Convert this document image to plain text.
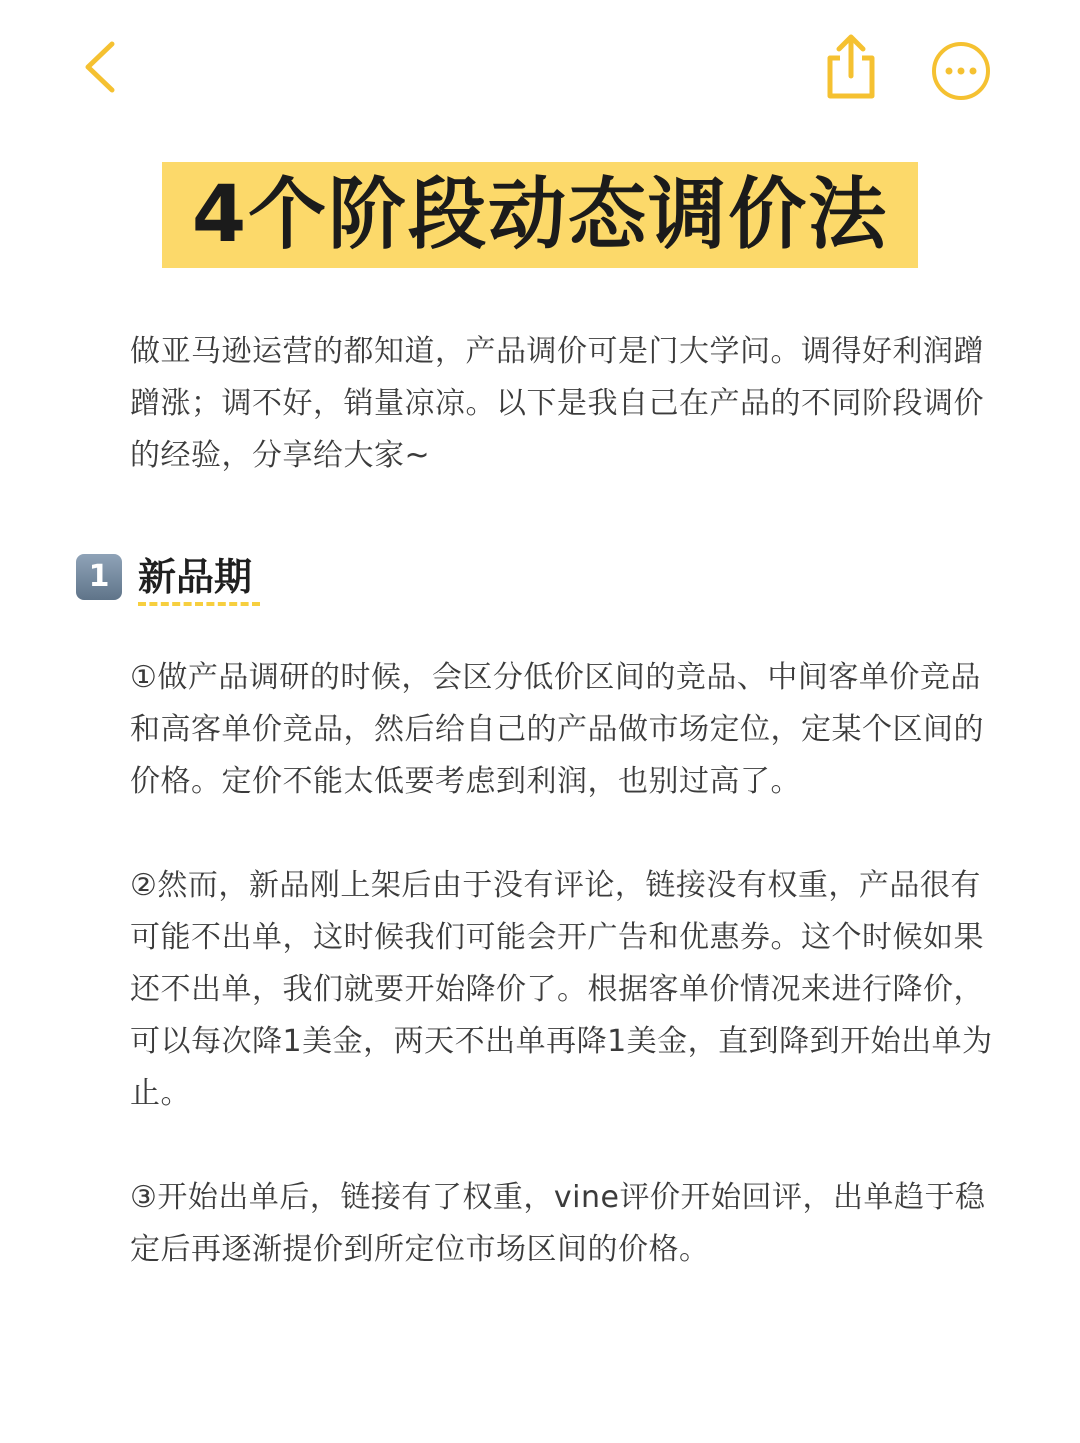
4个阶段动态调价法
做亚马逊运营的都知道，产品调价可是门大学问。调得好利润蹭蹭涨；调不好，销量凉凉。以下是我自己在产品的不同阶段调价的经验，分享给大家~
1 新品期
①做产品调研的时候，会区分低价区间的竞品、中间客单价竞品和高客单价竞品，然后给自己的产品做市场定位，定某个区间的价格。定价不能太低要考虑到利润，也别过高了。
②然而，新品刚上架后由于没有评论，链接没有权重，产品很有可能不出单，这时候我们可能会开广告和优惠券。这个时候如果还不出单，我们就要开始降价了。根据客单价情况来进行降价，可以每次降1美金，两天不出单再降1美金，直到降到开始出单为止。
③开始出单后，链接有了权重，vine评价开始回评，出单趋于稳定后再逐渐提价到所定位市场区间的价格。
